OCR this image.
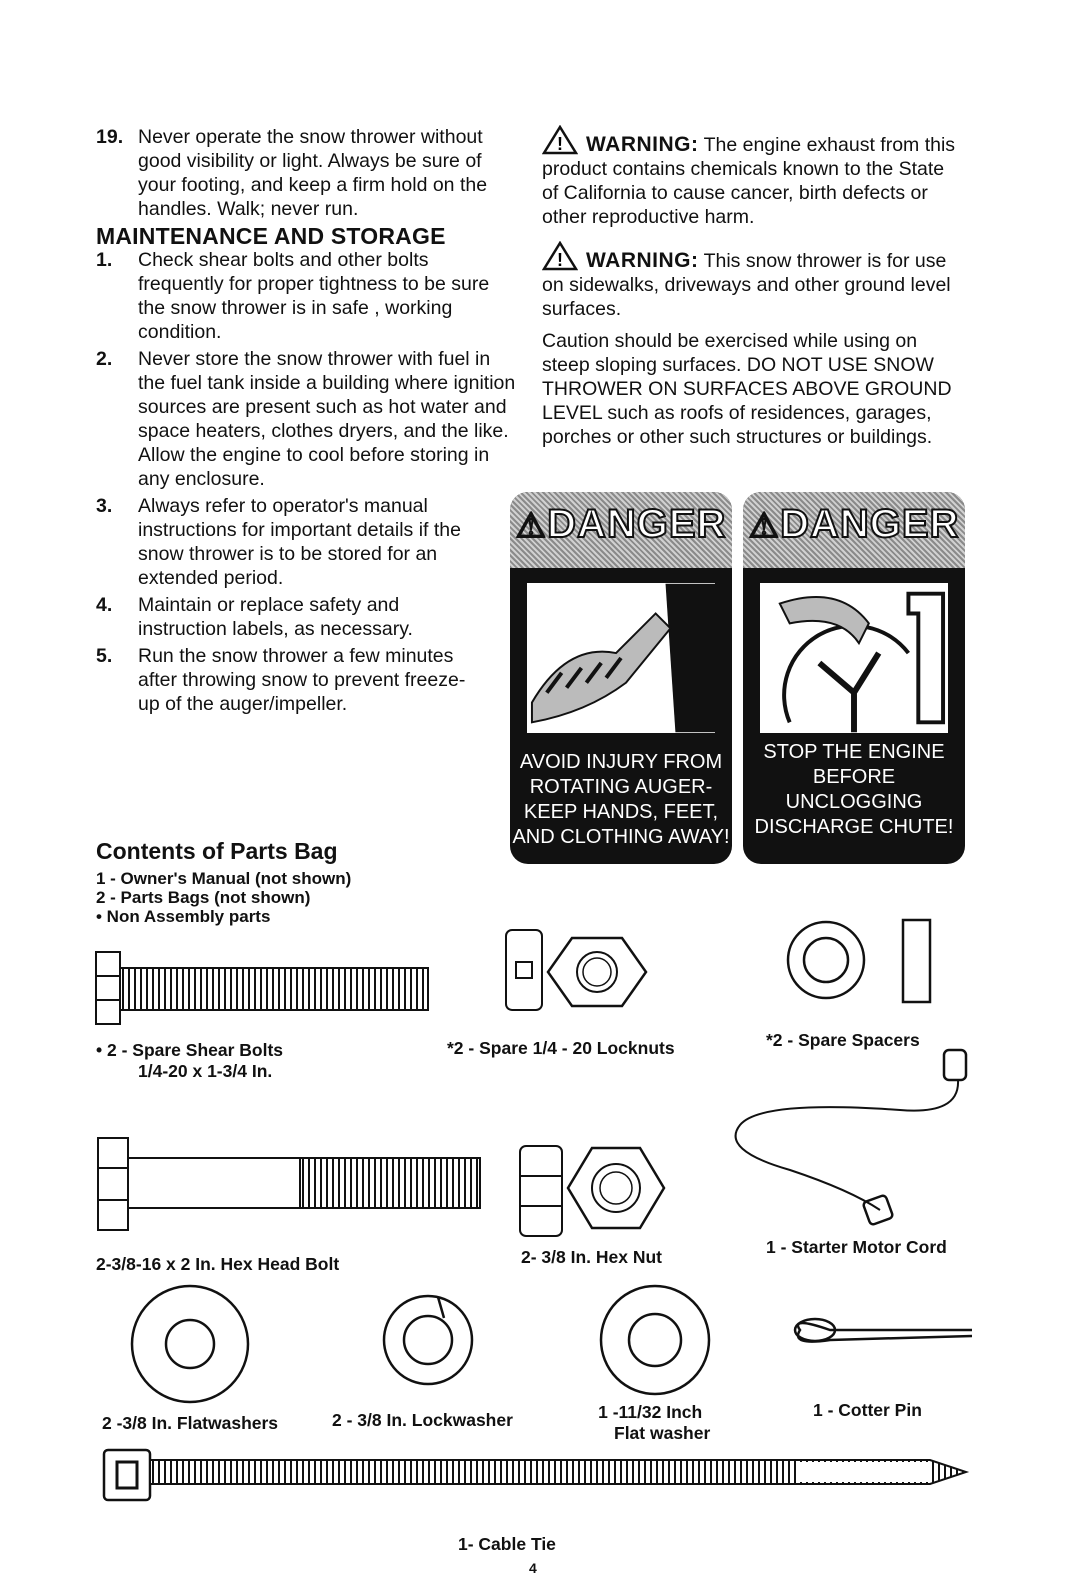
19. Never operate the snow thrower without good visibility or light. Always be sure of your footing, and keep a firm hold on the handles. Walk; never run.
MAINTENANCE AND STORAGE
1. Check shear bolts and other bolts frequently for proper tightness to be sure the snow thrower is in safe , working condition.
2. Never store the snow thrower with fuel in the fuel tank inside a building where ignition sources are present such as hot water and space heaters, clothes dryers, and the like. Allow the engine to cool before storing in any enclosure.
3. Always refer to operator's manual instructions for important details if the snow thrower is to be stored for an extended period.
4. Maintain or replace safety and instruction labels, as necessary.
5. Run the snow thrower a few minutes after throwing snow to prevent freeze-up of the auger/impeller.
! WARNING: The engine exhaust from this product contains chemicals known to the State of California to cause cancer, birth defects or other reproductive harm.
! WARNING: This snow thrower is for use on sidewalks, driveways and other ground level surfaces.
Caution should be exercised while using on steep sloping surfaces. DO NOT USE SNOW THROWER ON SURFACES ABOVE GROUND LEVEL such as roofs of residences, garages, porches or other such structures or buildings.
⚠DANGER
AVOID INJURY FROM
ROTATING AUGER-
KEEP HANDS, FEET,
AND CLOTHING AWAY!
⚠DANGER
STOP THE ENGINE
BEFORE UNCLOGGING
DISCHARGE CHUTE!
Contents of Parts Bag
1 - Owner's Manual (not shown)
2 - Parts Bags (not shown)
• Non Assembly parts
• 2 - Spare Shear Bolts
1/4-20 x 1-3/4 In.
*2 - Spare 1/4 - 20 Locknuts	*2 - Spare Spacers
2-3/8-16 x 2 In. Hex Head Bolt	2- 3/8 In. Hex Nut	1 - Starter Motor Cord
2 -3/8 In. Flatwashers	2 - 3/8 In. Lockwasher	1 -11/32 Inch
Flat washer
1 - Cotter Pin
1- Cable Tie
4
